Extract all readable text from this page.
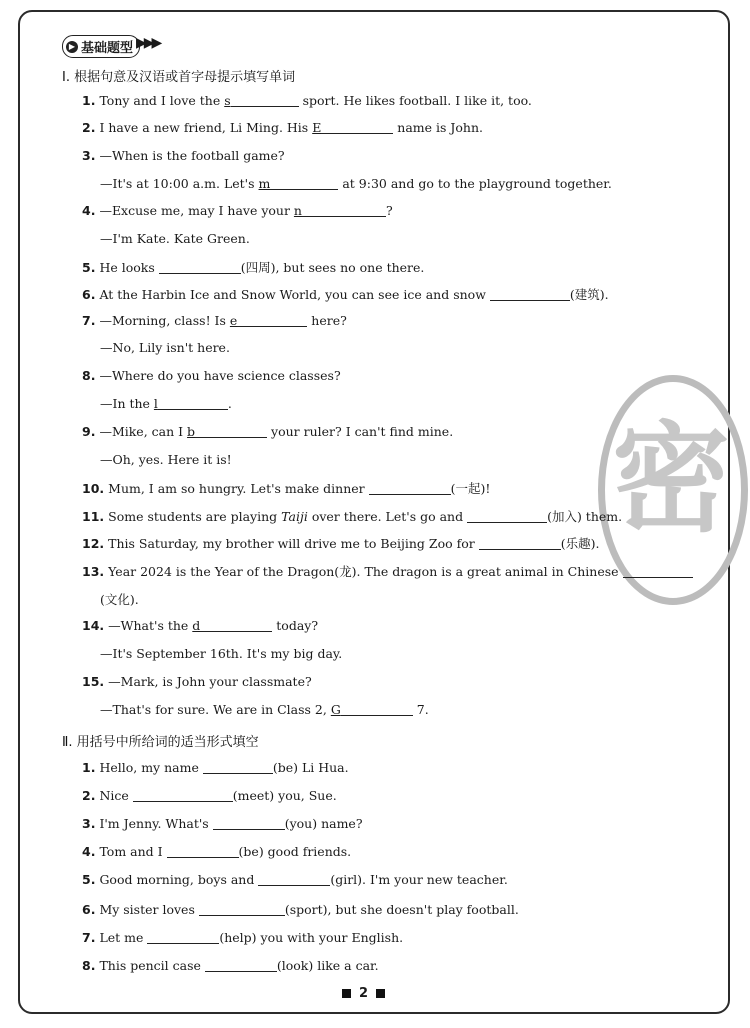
密
▶ 基础题型 ▶▶▶
Ⅰ. 根据句意及汉语或首字母提示填写单词
1. Tony and I love the s	sport. He likes football. I like it, too.
2. I have a new friend, Li Ming. His E	name is John.
3. —When is the football game?
—It's at 10:00 a.m. Let's m	at 9:30 and go to the playground together.
4. —Excuse me, may I have your n	?
—I'm Kate. Kate Green.
5. He looks	(四周), but sees no one there.
6. At the Harbin Ice and Snow World, you can see ice and snow	(建筑).
7. —Morning, class! Is e	here?
—No, Lily isn't here.
8. —Where do you have science classes?
—In the l	.
9. —Mike, can I b	your ruler? I can't find mine.
—Oh, yes. Here it is!
10. Mum, I am so hungry. Let's make dinner	(一起)!
11. Some students are playing Taiji over there. Let's go and	(加入) them.
12. This Saturday, my brother will drive me to Beijing Zoo for	(乐趣).
13. Year 2024 is the Year of the Dragon(龙). The dragon is a great animal in Chinese
(文化).
14. —What's the d	today?
—It's September 16th. It's my big day.
15. —Mark, is John your classmate?
—That's for sure. We are in Class 2, G	7.
Ⅱ. 用括号中所给词的适当形式填空
1. Hello, my name	(be) Li Hua.
2. Nice	(meet) you, Sue.
3. I'm Jenny. What's	(you) name?
4. Tom and I	(be) good friends.
5. Good morning, boys and	(girl). I'm your new teacher.
6. My sister loves	(sport), but she doesn't play football.
7. Let me	(help) you with your English.
8. This pencil case	(look) like a car.
2
